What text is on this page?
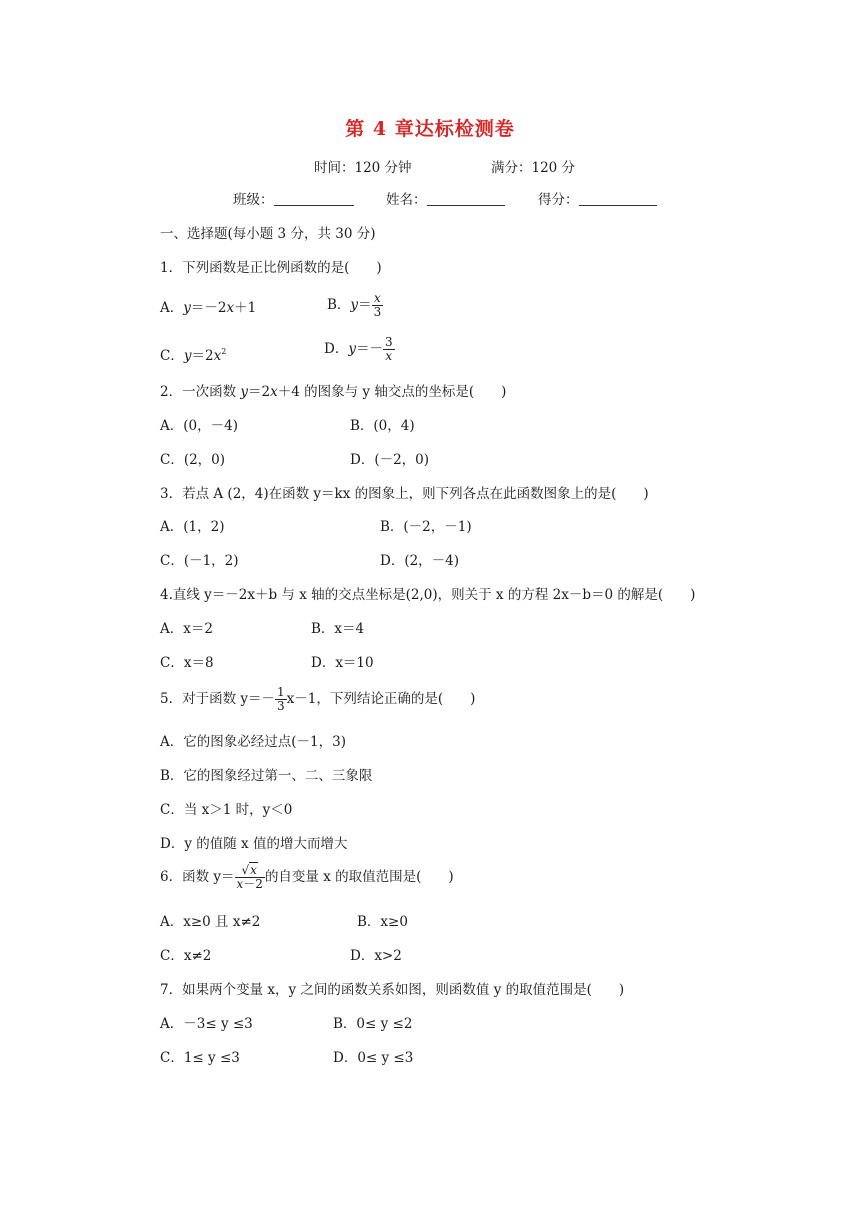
第 4 章达标检测卷
时间：120 分钟	满分：120 分
班级：	姓名：	得分：
一、选择题(每小题 3 分，共 30 分)
1．下列函数是正比例函数的是(　　)
A．y＝－2x＋1	B．$y= \frac{x}{3}$
C．$y=2x^2$	D．$y=- \frac{3}{x}$
2．一次函数 y＝2x＋4 的图象与 y 轴交点的坐标是(　　)
A．(0，－4)	B．(0，4)
C．(2，0)	D．(－2，0)
3．若点 A (2，4)在函数 y＝kx 的图象上，则下列各点在此函数图象上的是(　　)
A．(1，2)	B．(－2，－1)
C．(－1，2)	D．(2，－4)
4.直线 y＝－2x＋b 与 x 轴的交点坐标是(2,0)，则关于 x 的方程 2x－b＝0 的解是(　　)
A．x＝2	B．x＝4
C．x＝8	D．x＝10
5．对于函数 $y=- \frac{1}{3} x-1$，下列结论正确的是(　　)
A．它的图象必经过点(－1，3)
B．它的图象经过第一、二、三象限
C．当 x＞1 时，y＜0
D．y 的值随 x 值的增大而增大
6．函数 $y= \frac{√x}{x-2}$ 的自变量 x 的取值范围是(　　)
A．x≥0 且 x≠2	B．x≥0
C．x≠2	D．x>2
7．如果两个变量 x，y 之间的函数关系如图，则函数值 y 的取值范围是(　　)
A．－3≤ y ≤3	B．0≤ y ≤2
C．1≤ y ≤3	D．0≤ y ≤3
